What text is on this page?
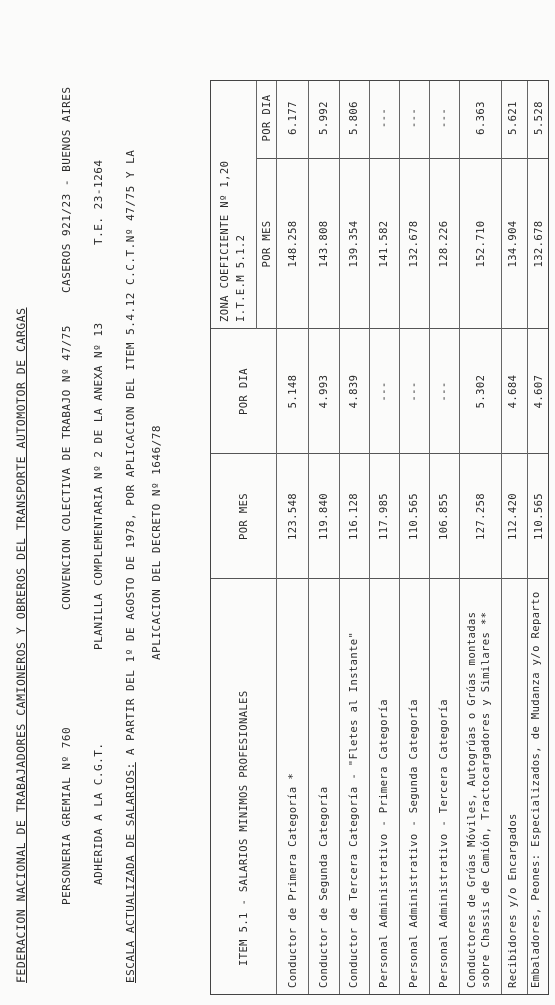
FEDERACION NACIONAL DE TRABAJADORES CAMIONEROS Y OBREROS DEL TRANSPORTE AUTOMOTOR DE CARGAS	PERSONERIA GREMIAL Nº 760
CONVENCION COLECTIVA DE TRABAJO Nº 47/75
CASEROS 921/23 - BUENOS AIRES
ADHERIDA A LA C.G.T.
PLANILLA COMPLEMENTARIA Nº 2 DE LA ANEXA Nº 13
T.E. 23-1264
ESCALA ACTUALIZADA DE SALARIOS: A PARTIR DEL 1º DE AGOSTO DE 1978, POR APLICACION DEL ITEM 5.4.12 C.C.T.Nº 47/75 Y LA APLICACION DEL DECRETO Nº 1646/78
ITEM 5.1 - SALARIOS MINIMOS PROFESIONALES
POR MES
POR DIA
ZONA COEFICIENTE Nº 1,20 I.T.E.M 5.1.2 POR MES
POR DIA
Conductor de Primera Categoría *
123.548
5.148
148.258
6.177
Conductor de Segunda Categoría
119.840
4.993
143.808
5.992
Conductor de Tercera Categoría - "Fletes al Instante"
116.128
4.839
139.354
5.806
Personal Administrativo - Primera Categoría
117.985
---
141.582
---
Personal Administrativo - Segunda Categoría
110.565
---
132.678
---
Personal Administrativo - Tercera Categoría
106.855
---
128.226
---
Conductores de Grúas Móviles, Autogrúas o Grúas montadas sobre Chassis de Camión, Tractocargadores y Similares **
127.258
5.302
152.710
6.363
Recibidores y/o Encargados
112.420
4.684
134.904
5.621
Embaladores, Peones: Especializados, de Mudanza y/o Reparto
110.565
4.607
132.678
5.528
